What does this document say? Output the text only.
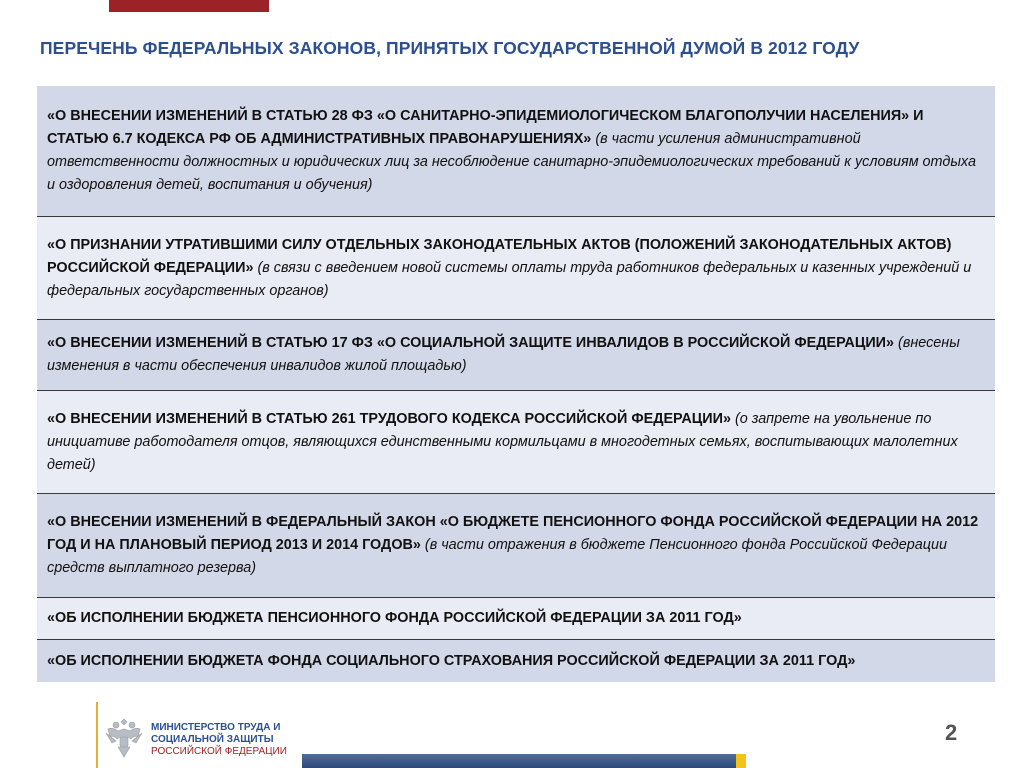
ПЕРЕЧЕНЬ ФЕДЕРАЛЬНЫХ ЗАКОНОВ, ПРИНЯТЫХ ГОСУДАРСТВЕННОЙ ДУМОЙ В 2012 ГОДУ
«О ВНЕСЕНИИ ИЗМЕНЕНИЙ В СТАТЬЮ 28 ФЗ «О САНИТАРНО-ЭПИДЕМИОЛОГИЧЕСКОМ БЛАГОПОЛУЧИИ НАСЕЛЕНИЯ» И СТАТЬЮ 6.7 КОДЕКСА РФ ОБ АДМИНИСТРАТИВНЫХ ПРАВОНАРУШЕНИЯХ» (в части усиления административной ответственности должностных и юридических лиц за несоблюдение санитарно-эпидемиологических требований к условиям отдыха и оздоровления детей, воспитания и обучения)
«О ПРИЗНАНИИ УТРАТИВШИМИ СИЛУ ОТДЕЛЬНЫХ ЗАКОНОДАТЕЛЬНЫХ АКТОВ (ПОЛОЖЕНИЙ ЗАКОНОДАТЕЛЬНЫХ АКТОВ) РОССИЙСКОЙ ФЕДЕРАЦИИ» (в связи с введением новой системы оплаты труда работников федеральных и казенных учреждений и федеральных государственных органов)
«О ВНЕСЕНИИ ИЗМЕНЕНИЙ В СТАТЬЮ 17 ФЗ «О СОЦИАЛЬНОЙ ЗАЩИТЕ ИНВАЛИДОВ В РОССИЙСКОЙ ФЕДЕРАЦИИ» (внесены изменения в части обеспечения инвалидов жилой площадью)
«О ВНЕСЕНИИ ИЗМЕНЕНИЙ В СТАТЬЮ 261 ТРУДОВОГО КОДЕКСА РОССИЙСКОЙ ФЕДЕРАЦИИ» (о запрете на увольнение по инициативе работодателя отцов, являющихся единственными кормильцами в многодетных семьях, воспитывающих малолетних детей)
«О ВНЕСЕНИИ ИЗМЕНЕНИЙ В ФЕДЕРАЛЬНЫЙ ЗАКОН «О БЮДЖЕТЕ ПЕНСИОННОГО ФОНДА РОССИЙСКОЙ ФЕДЕРАЦИИ НА 2012 ГОД И НА ПЛАНОВЫЙ ПЕРИОД 2013 И 2014 ГОДОВ» (в части отражения в бюджете Пенсионного фонда Российской Федерации средств выплатного резерва)
«ОБ ИСПОЛНЕНИИ БЮДЖЕТА ПЕНСИОННОГО ФОНДА РОССИЙСКОЙ ФЕДЕРАЦИИ ЗА 2011 ГОД»
«ОБ ИСПОЛНЕНИИ БЮДЖЕТА ФОНДА СОЦИАЛЬНОГО СТРАХОВАНИЯ РОССИЙСКОЙ ФЕДЕРАЦИИ ЗА 2011 ГОД»
МИНИСТЕРСТВО ТРУДА И
СОЦИАЛЬНОЙ ЗАЩИТЫ
РОССИЙСКОЙ ФЕДЕРАЦИИ
2
